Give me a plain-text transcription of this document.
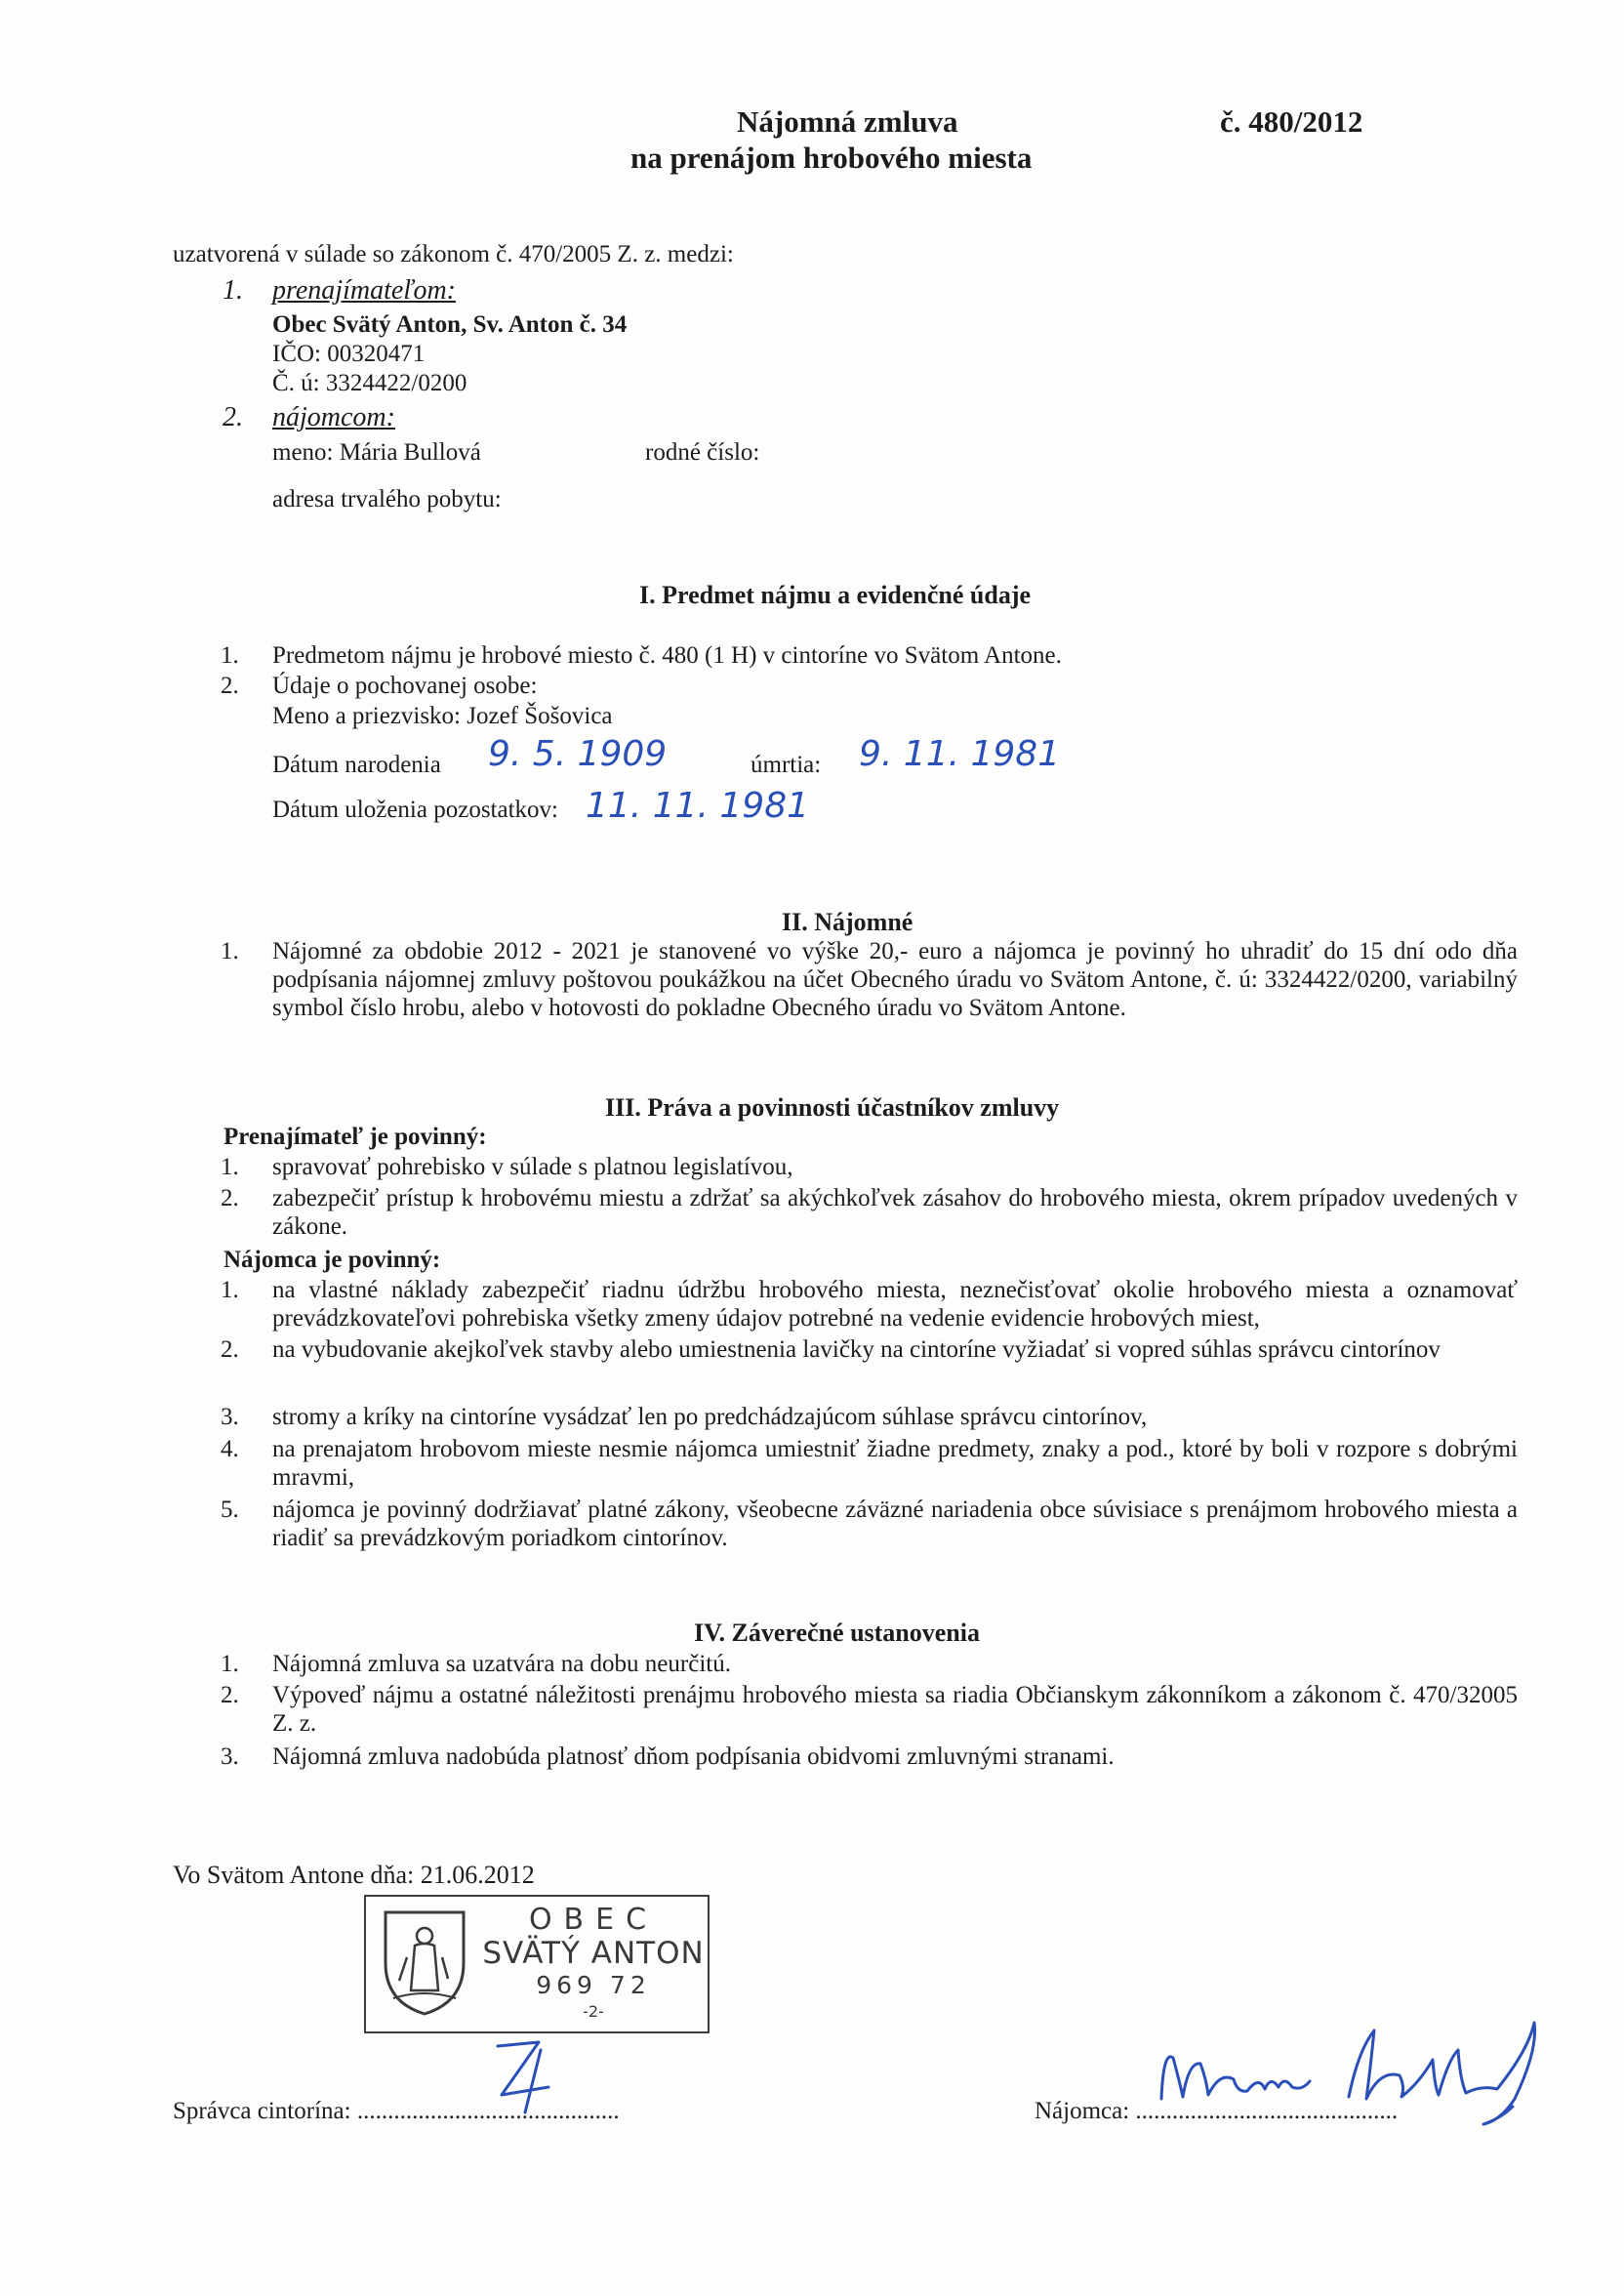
Nájomná zmluva
na prenájom hrobového miesta
č. 480/2012
uzatvorená v súlade so zákonom č. 470/2005 Z. z. medzi:
1. prenajímateľom:
Obec Svätý Anton, Sv. Anton č. 34
IČO: 00320471
Č. ú: 3324422/0200
2. nájomcom:
meno: Mária Bullová	rodné číslo:
adresa trvalého pobytu:
I. Predmet nájmu a evidenčné údaje
1. Predmetom nájmu je hrobové miesto č. 480 (1 H) v cintoríne vo Svätom Antone.
2. Údaje o pochovanej osobe:
Meno a priezvisko: Jozef Šošovica
Dátum narodenia 9. 5. 1909	úmrtia: 9. 11. 1981
Dátum uloženia pozostatkov: 11. 11. 1981
II. Nájomné
1. Nájomné za obdobie 2012 - 2021 je stanovené vo výške 20,- euro a nájomca je povinný ho uhradiť do 15 dní odo dňa podpísania nájomnej zmluvy poštovou poukážkou na účet Obecného úradu vo Svätom Antone, č. ú: 3324422/0200, variabilný symbol číslo hrobu, alebo v hotovosti do pokladne Obecného úradu vo Svätom Antone.
III. Práva a povinnosti účastníkov zmluvy
Prenajímateľ je povinný:
1. spravovať pohrebisko v súlade s platnou legislatívou,
2. zabezpečiť prístup k hrobovému miestu a zdržať sa akýchkoľvek zásahov do hrobového miesta, okrem prípadov uvedených v zákone.
Nájomca je povinný:
1. na vlastné náklady zabezpečiť riadnu údržbu hrobového miesta, neznečisťovať okolie hrobového miesta a oznamovať prevádzkovateľovi pohrebiska všetky zmeny údajov potrebné na vedenie evidencie hrobových miest,
2. na vybudovanie akejkoľvek stavby alebo umiestnenia lavičky na cintoríne vyžiadať si vopred súhlas správcu cintorínov
3. stromy a kríky na cintoríne vysádzať len po predchádzajúcom súhlase správcu cintorínov,
4. na prenajatom hrobovom mieste nesmie nájomca umiestniť žiadne predmety, znaky a pod., ktoré by boli v rozpore s dobrými mravmi,
5. nájomca je povinný dodržiavať platné zákony, všeobecne záväzné nariadenia obce súvisiace s prenájmom hrobového miesta a riadiť sa prevádzkovým poriadkom cintorínov.
IV. Záverečné ustanovenia
1. Nájomná zmluva sa uzatvára na dobu neurčitú.
2. Výpoveď nájmu a ostatné náležitosti prenájmu hrobového miesta sa riadia Občianskym zákonníkom a zákonom č. 470/32005 Z. z.
3. Nájomná zmluva nadobúda platnosť dňom podpísania obidvomi zmluvnými stranami.
Vo Svätom Antone dňa: 21.06.2012
OBEC
SVÄTÝ ANTON
969 72
-2-
Správca cintorína: ...........................................	Nájomca: ...........................................
